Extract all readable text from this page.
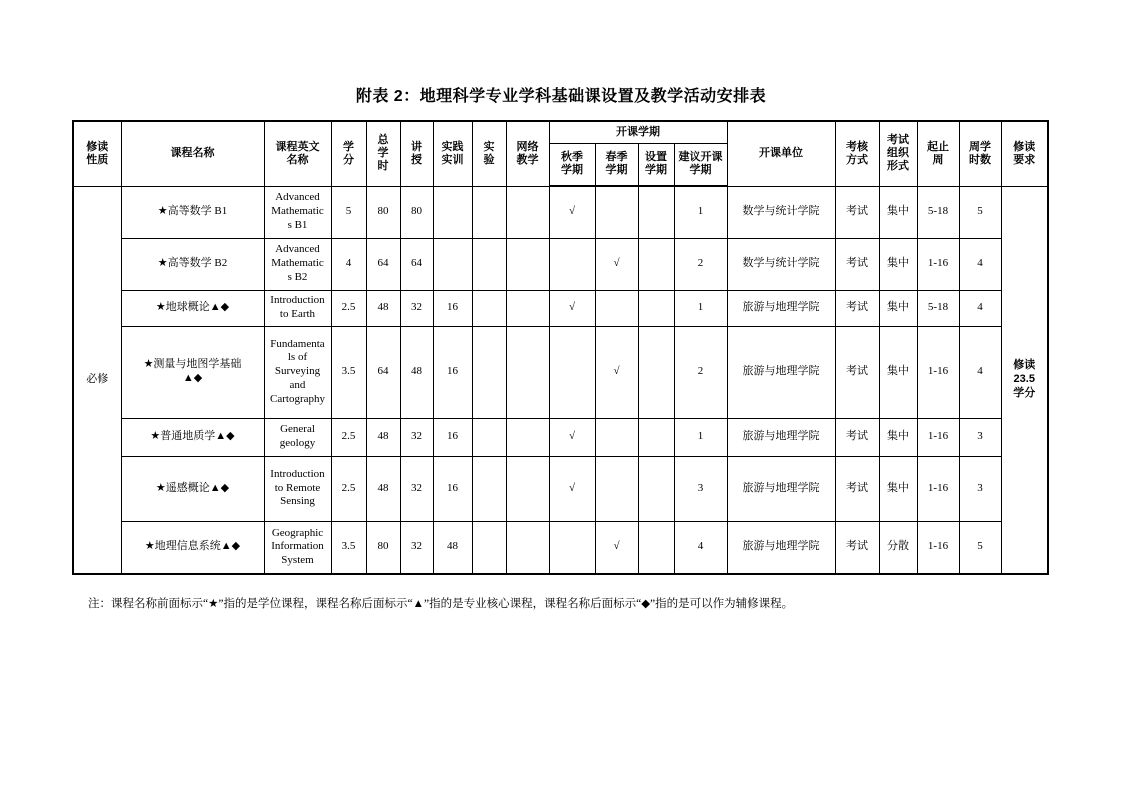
附表 2：地理科学专业学科基础课设置及教学活动安排表
修读性质	课程名称	课程英文名称	学分	总学时	讲授	实践实训	实验	网络教学	开课学期				开课单位	考核方式	考试组织形式	起止周	周学时数	修读要求
									秋季学期	春季学期	设置学期	建议开课学期						
必修	★高等数学 B1	Advanced Mathematics B1	5	80	80				√			1	数学与统计学院	考试	集中	5-18	5	修读23.5学分
	★高等数学 B2	Advanced Mathematics B2	4	64	64					√		2	数学与统计学院	考试	集中	1-16	4	
	★地球概论▲◆	Introduction to Earth	2.5	48	32	16			√			1	旅游与地理学院	考试	集中	5-18	4	
	★测量与地图学基础▲◆	Fundamentals of Surveying and Cartography	3.5	64	48	16				√		2	旅游与地理学院	考试	集中	1-16	4	
	★普通地质学▲◆	General geology	2.5	48	32	16			√			1	旅游与地理学院	考试	集中	1-16	3	
	★遥感概论▲◆	Introduction to Remote Sensing	2.5	48	32	16			√			3	旅游与地理学院	考试	集中	1-16	3	
	★地理信息系统▲◆	Geographic Information System	3.5	80	32	48				√		4	旅游与地理学院	考试	分散	1-16	5	

注：课程名称前面标示“★”指的是学位课程，课程名称后面标示“▲”指的是专业核心课程，课程名称后面标示“◆”指的是可以作为辅修课程。
